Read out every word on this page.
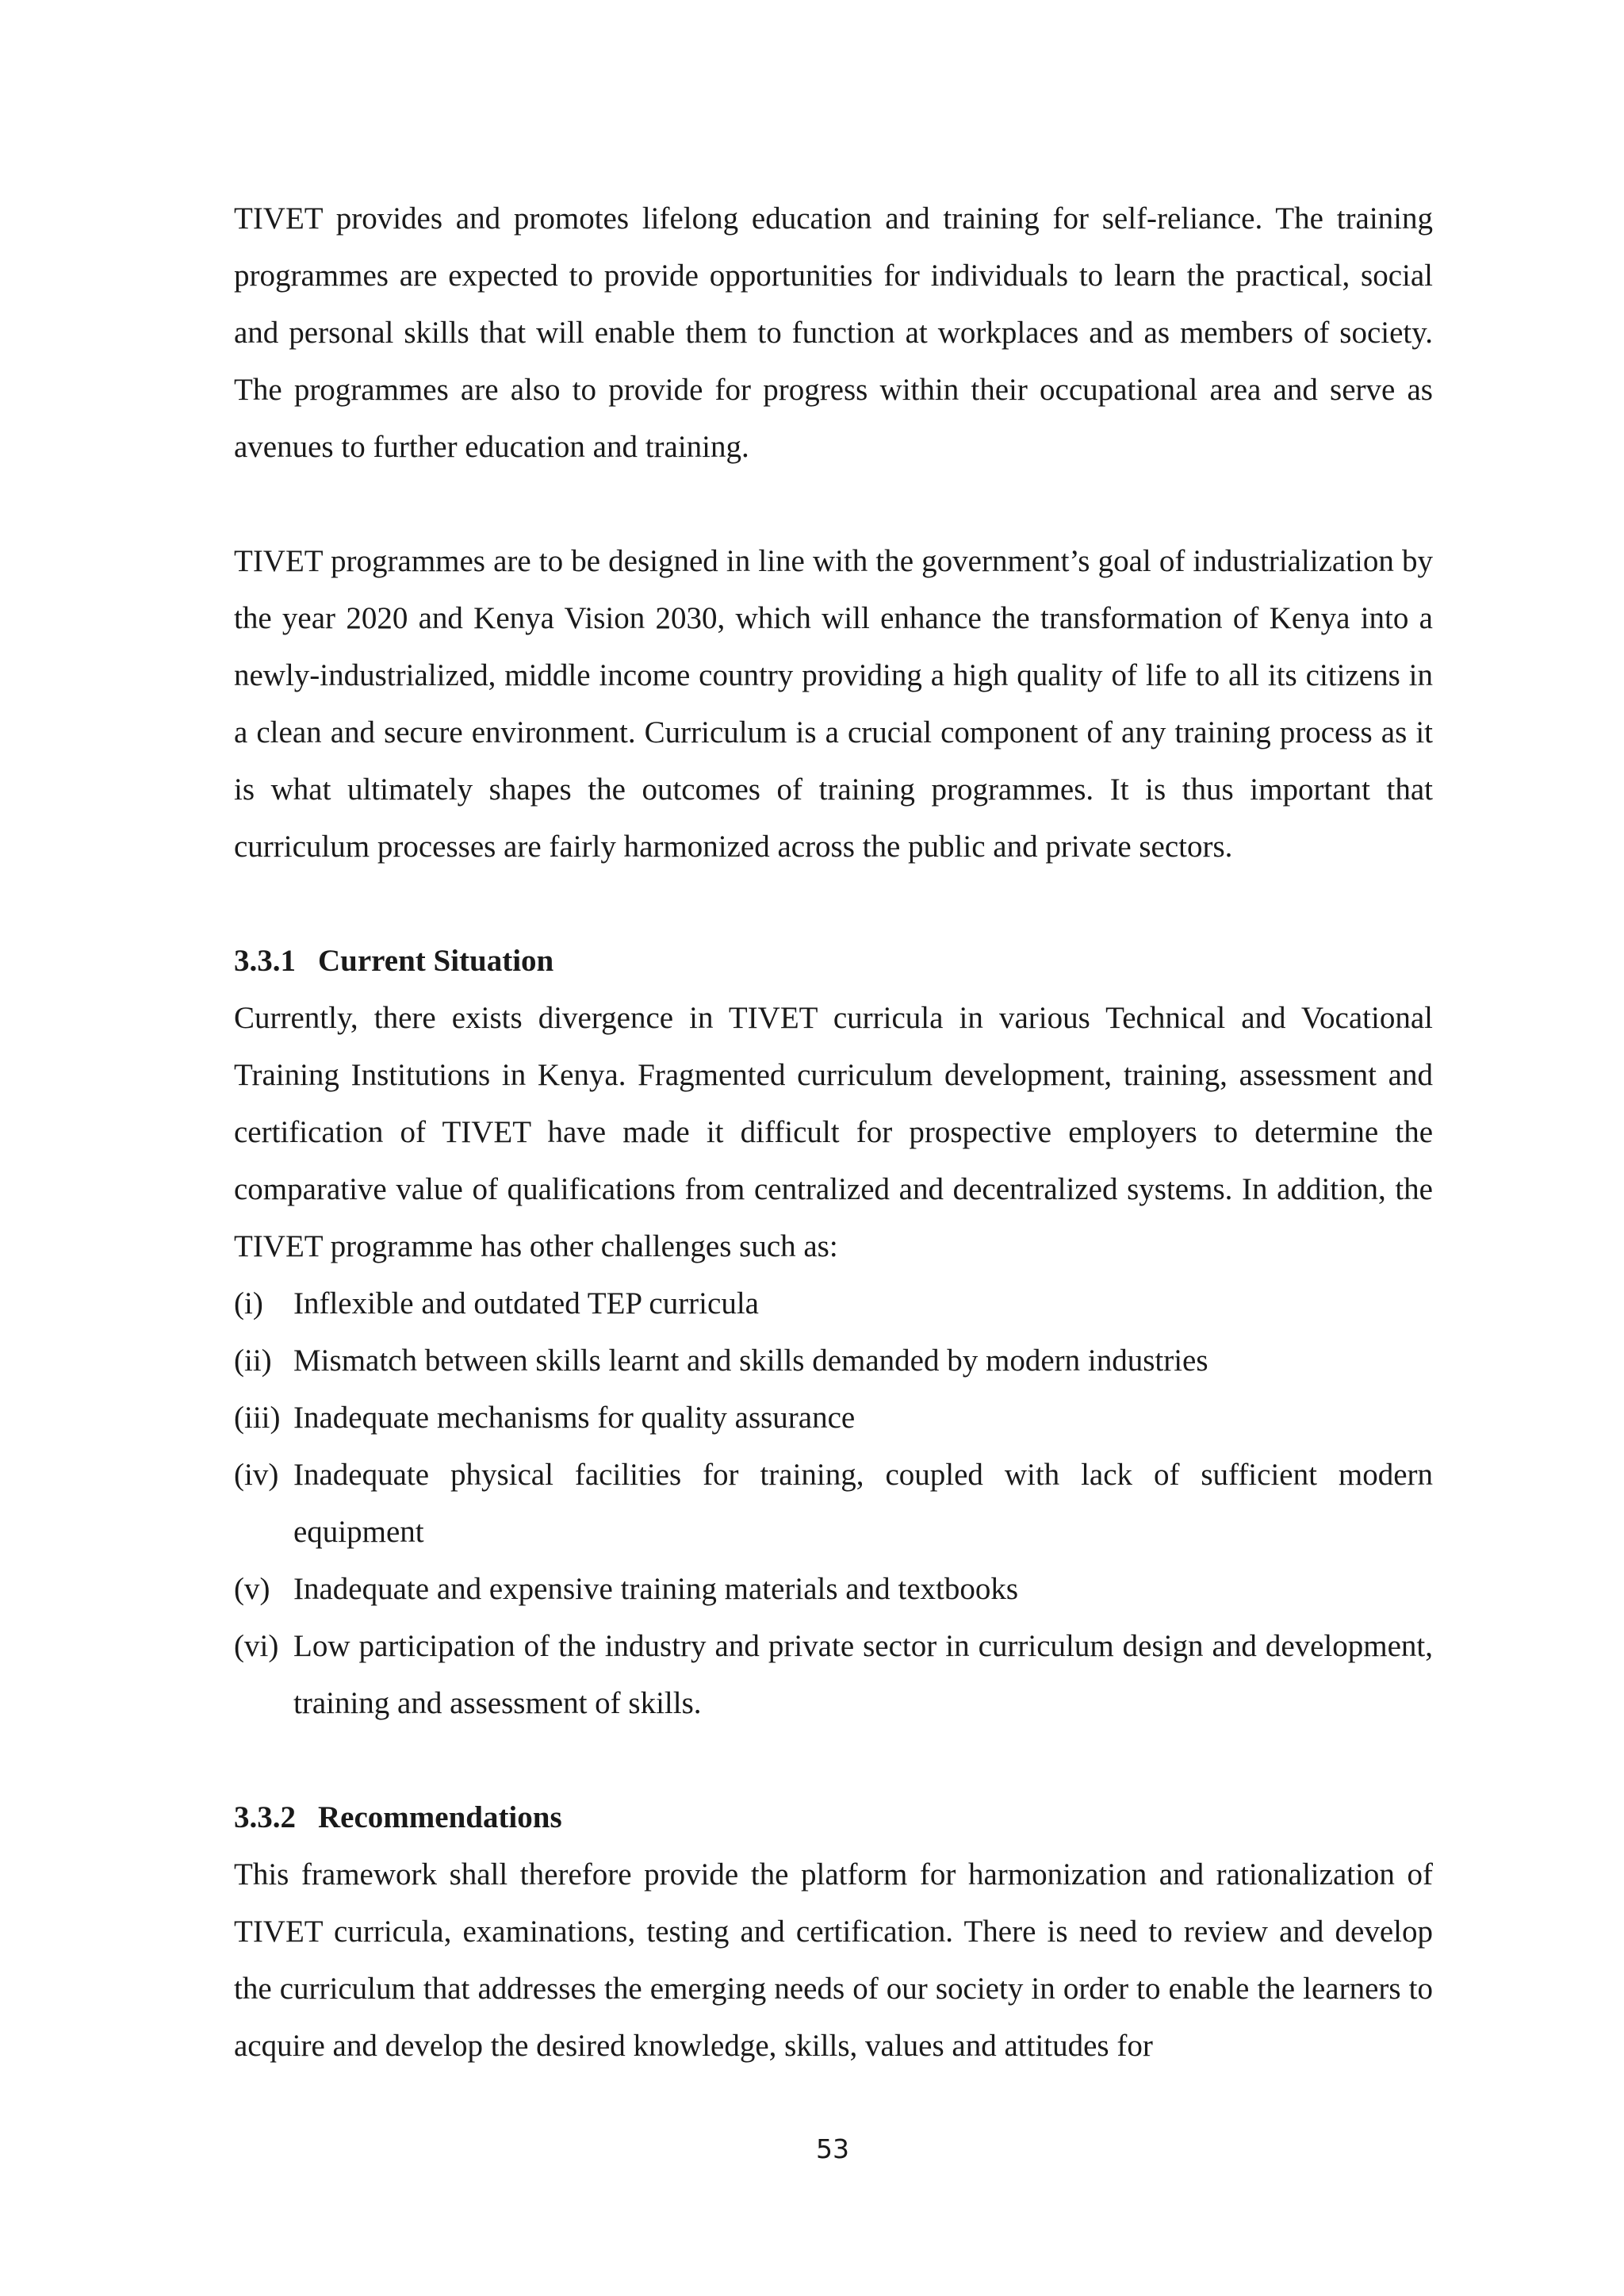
TIVET provides and promotes lifelong education and training for self-reliance. The training programmes are expected to provide opportunities for individuals to learn the practical, social and personal skills that will enable them to function at workplaces and as members of society. The programmes are also to provide for progress within their occupational area and serve as avenues to further education and training.

TIVET programmes are to be designed in line with the government’s goal of industrialization by the year 2020 and Kenya Vision 2030, which will enhance the transformation of Kenya into a newly-industrialized, middle income country providing a high quality of life to all its citizens in a clean and secure environment. Curriculum is a crucial component of any training process as it is what ultimately shapes the outcomes of training programmes. It is thus important that curriculum processes are fairly harmonized across the public and private sectors.

3.3.1 Current Situation

Currently, there exists divergence in TIVET curricula in various Technical and Vocational Training Institutions in Kenya. Fragmented curriculum development, training, assessment and certification of TIVET have made it difficult for prospective employers to determine the comparative value of qualifications from centralized and decentralized systems. In addition, the TIVET programme has other challenges such as:

(i) Inflexible and outdated TEP curricula
(ii) Mismatch between skills learnt and skills demanded by modern industries
(iii) Inadequate mechanisms for quality assurance
(iv) Inadequate physical facilities for training, coupled with lack of sufficient modern equipment
(v) Inadequate and expensive training materials and textbooks
(vi) Low participation of the industry and private sector in curriculum design and development, training and assessment of skills.
3.3.2 Recommendations

This framework shall therefore provide the platform for harmonization and rationalization of TIVET curricula, examinations, testing and certification. There is need to review and develop the curriculum that addresses the emerging needs of our society in order to enable the learners to acquire and develop the desired knowledge, skills, values and attitudes for

53
